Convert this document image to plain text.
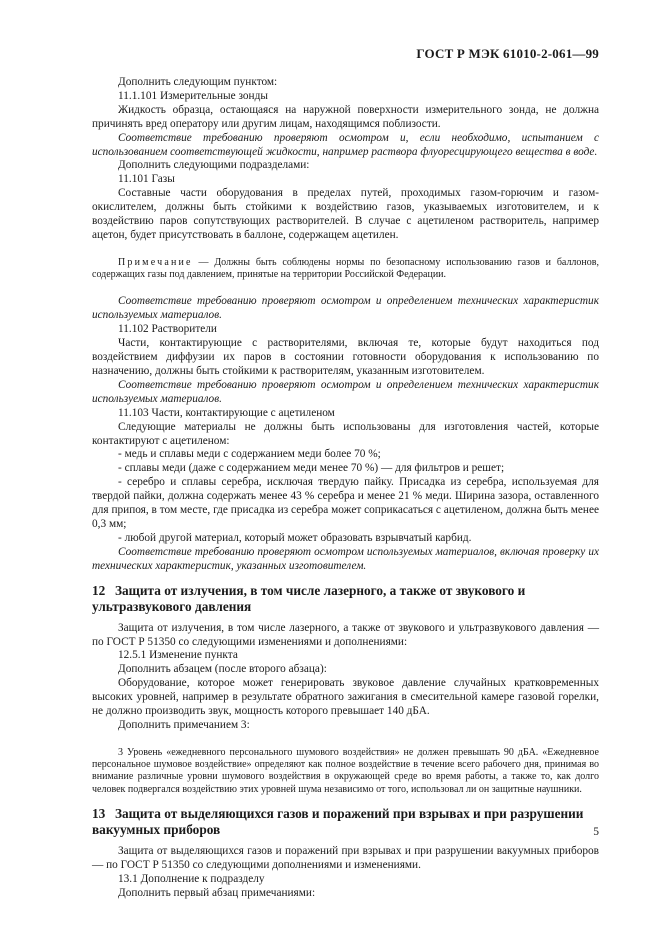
ГОСТ Р МЭК 61010-2-061—99

Дополнить следующим пунктом:

11.1.101 Измерительные зонды

Жидкость образца, остающаяся на наружной поверхности измерительного зонда, не должна причинять вред оператору или другим лицам, находящимся поблизости.

Соответствие требованию проверяют осмотром и, если необходимо, испытанием с использованием соответствующей жидкости, например раствора флуоресцирующего вещества в воде.

Дополнить следующими подразделами:

11.101 Газы

Составные части оборудования в пределах путей, проходимых газом-горючим и газом-окислителем, должны быть стойкими к воздействию газов, указываемых изготовителем, и к воздействию паров сопутствующих растворителей. В случае с ацетиленом растворитель, например ацетон, будет присутствовать в баллоне, содержащем ацетилен.

Примечание — Должны быть соблюдены нормы по безопасному использованию газов и баллонов, содержащих газы под давлением, принятые на территории Российской Федерации.

Соответствие требованию проверяют осмотром и определением технических характеристик используемых материалов.

11.102 Растворители

Части, контактирующие с растворителями, включая те, которые будут находиться под воздействием диффузии их паров в состоянии готовности оборудования к использованию по назначению, должны быть стойкими к растворителям, указанным изготовителем.

Соответствие требованию проверяют осмотром и определением технических характеристик используемых материалов.

11.103 Части, контактирующие с ацетиленом

Следующие материалы не должны быть использованы для изготовления частей, которые контактируют с ацетиленом:

- медь и сплавы меди с содержанием меди более 70 %;

- сплавы меди (даже с содержанием меди менее 70 %) — для фильтров и решет;

- серебро и сплавы серебра, исключая твердую пайку. Присадка из серебра, используемая для твердой пайки, должна содержать менее 43 % серебра и менее 21 % меди. Ширина зазора, оставленного для припоя, в том месте, где присадка из серебра может соприкасаться с ацетиленом, должна быть менее 0,3 мм;

- любой другой материал, который может образовать взрывчатый карбид.

Соответствие требованию проверяют осмотром используемых материалов, включая проверку их технических характеристик, указанных изготовителем.

12 Защита от излучения, в том числе лазерного, а также от звукового и ультразвукового давления

Защита от излучения, в том числе лазерного, а также от звукового и ультразвукового давления — по ГОСТ Р 51350 со следующими изменениями и дополнениями:

12.5.1 Изменение пункта

Дополнить абзацем (после второго абзаца):

Оборудование, которое может генерировать звуковое давление случайных кратковременных высоких уровней, например в результате обратного зажигания в смесительной камере газовой горелки, не должно производить звук, мощность которого превышает 140 дБА.

Дополнить примечанием 3:

3 Уровень «ежедневного персонального шумового воздействия» не должен превышать 90 дБА. «Ежедневное персональное шумовое воздействие» определяют как полное воздействие в течение всего рабочего дня, принимая во внимание различные уровни шумового воздействия в окружающей среде во время работы, а также то, как долго человек подвергался воздействию этих уровней шума независимо от того, использовал ли он защитные наушники.

13 Защита от выделяющихся газов и поражений при взрывах и при разрушении вакуумных приборов

Защита от выделяющихся газов и поражений при взрывах и при разрушении вакуумных приборов — по ГОСТ Р 51350 со следующими дополнениями и изменениями.

13.1 Дополнение к подразделу

Дополнить первый абзац примечаниями:

5
